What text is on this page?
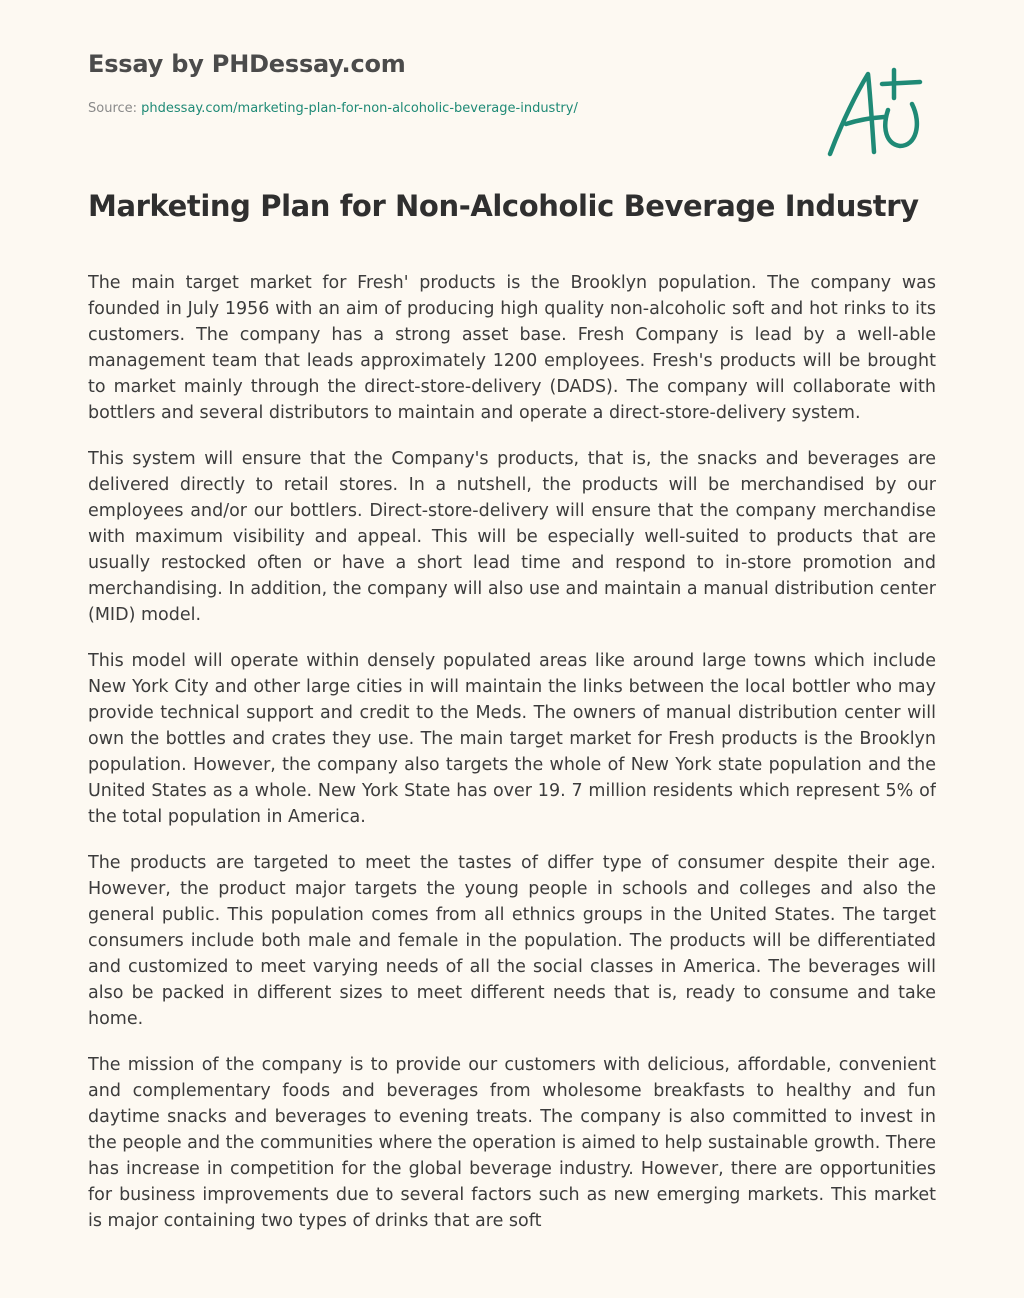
Essay by PHDessay.com
Source: phdessay.com/marketing-plan-for-non-alcoholic-beverage-industry/
Marketing Plan for Non-Alcoholic Beverage Industry

The main target market for Fresh' products is the Brooklyn population. The company was founded in July 1956 with an aim of producing high quality non-alcoholic soft and hot rinks to its customers. The company has a strong asset base. Fresh Company is lead by a well-able management team that leads approximately 1200 employees. Fresh's products will be brought to market mainly through the direct-store-delivery (DADS). The company will collaborate with bottlers and several distributors to maintain and operate a direct-store-delivery system.

This system will ensure that the Company's products, that is, the snacks and beverages are delivered directly to retail stores. In a nutshell, the products will be merchandised by our employees and/or our bottlers. Direct-store-delivery will ensure that the company merchandise with maximum visibility and appeal. This will be especially well-suited to products that are usually restocked often or have a short lead time and respond to in-store promotion and merchandising. In addition, the company will also use and maintain a manual distribution center (MID) model.

This model will operate within densely populated areas like around large towns which include New York City and other large cities in will maintain the links between the local bottler who may provide technical support and credit to the Meds. The owners of manual distribution center will own the bottles and crates they use. The main target market for Fresh products is the Brooklyn population. However, the company also targets the whole of New York state population and the United States as a whole. New York State has over 19. 7 million residents which represent 5% of the total population in America.

The products are targeted to meet the tastes of differ type of consumer despite their age. However, the product major targets the young people in schools and colleges and also the general public. This population comes from all ethnics groups in the United States. The target consumers include both male and female in the population. The products will be differentiated and customized to meet varying needs of all the social classes in America. The beverages will also be packed in different sizes to meet different needs that is, ready to consume and take home.

The mission of the company is to provide our customers with delicious, affordable, convenient and complementary foods and beverages from wholesome breakfasts to healthy and fun daytime snacks and beverages to evening treats. The company is also committed to invest in the people and the communities where the operation is aimed to help sustainable growth. There has increase in competition for the global beverage industry. However, there are opportunities for business improvements due to several factors such as new emerging markets. This market is major containing two types of drinks that are soft
